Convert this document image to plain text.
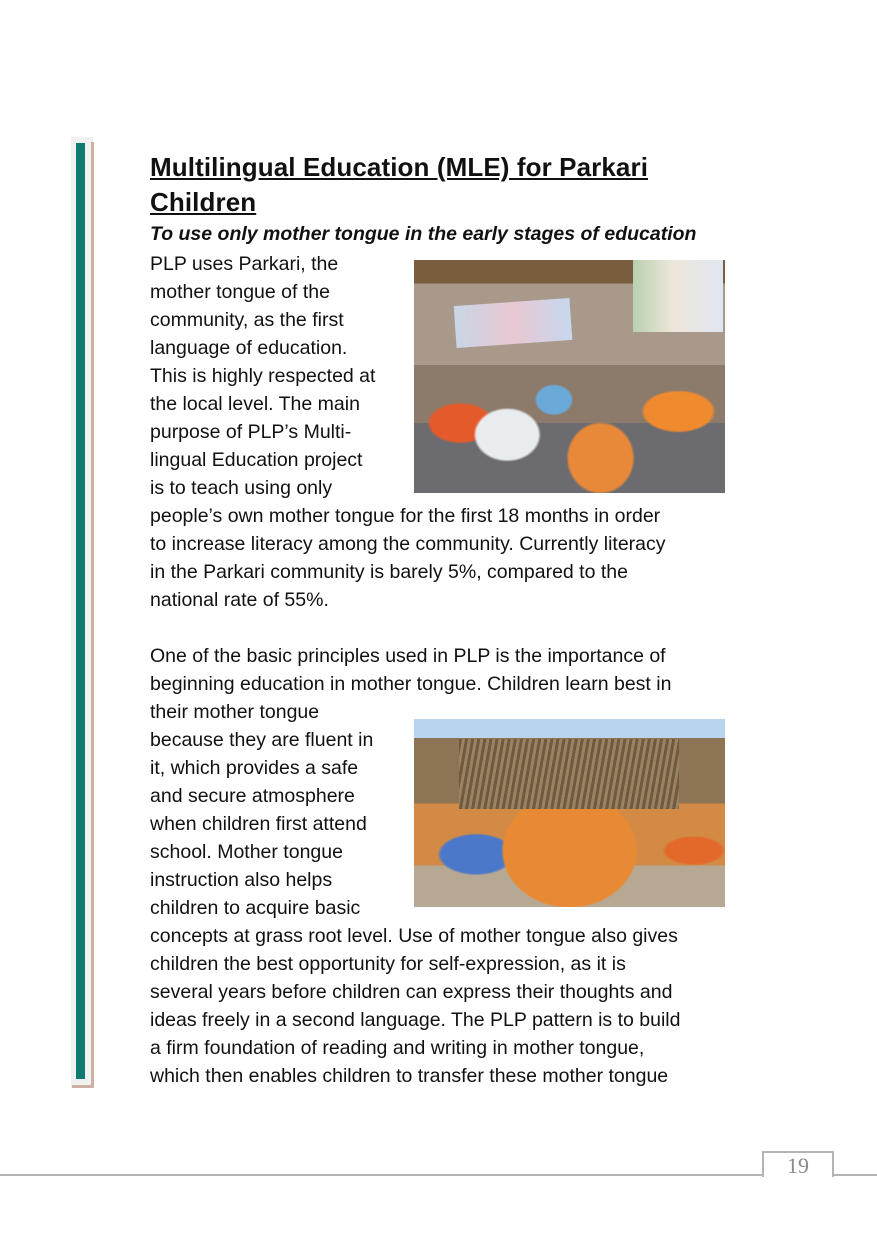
Multilingual Education (MLE) for Parkari
Children

To use only mother tongue in the early stages of education

PLP uses Parkari, the
mother tongue of the
community, as the first
language of education.
This is highly respected at
the local level. The main
purpose of PLP’s Multi-
lingual Education project
is to teach using only
people’s own mother tongue for the first 18 months in order
to increase literacy among the community. Currently literacy
in the Parkari community is barely 5%, compared to the
national rate of 55%.
One of the basic principles used in PLP is the importance of
beginning education in mother tongue. Children learn best in
their mother tongue
because they are fluent in
it, which provides a safe
and secure atmosphere
when children first attend
school. Mother tongue
instruction also helps
children to acquire basic
concepts at grass root level. Use of mother tongue also gives
children the best opportunity for self-expression, as it is
several years before children can express their thoughts and
ideas freely in a second language. The PLP pattern is to build
a firm foundation of reading and writing in mother tongue,
which then enables children to transfer these mother tongue
19
